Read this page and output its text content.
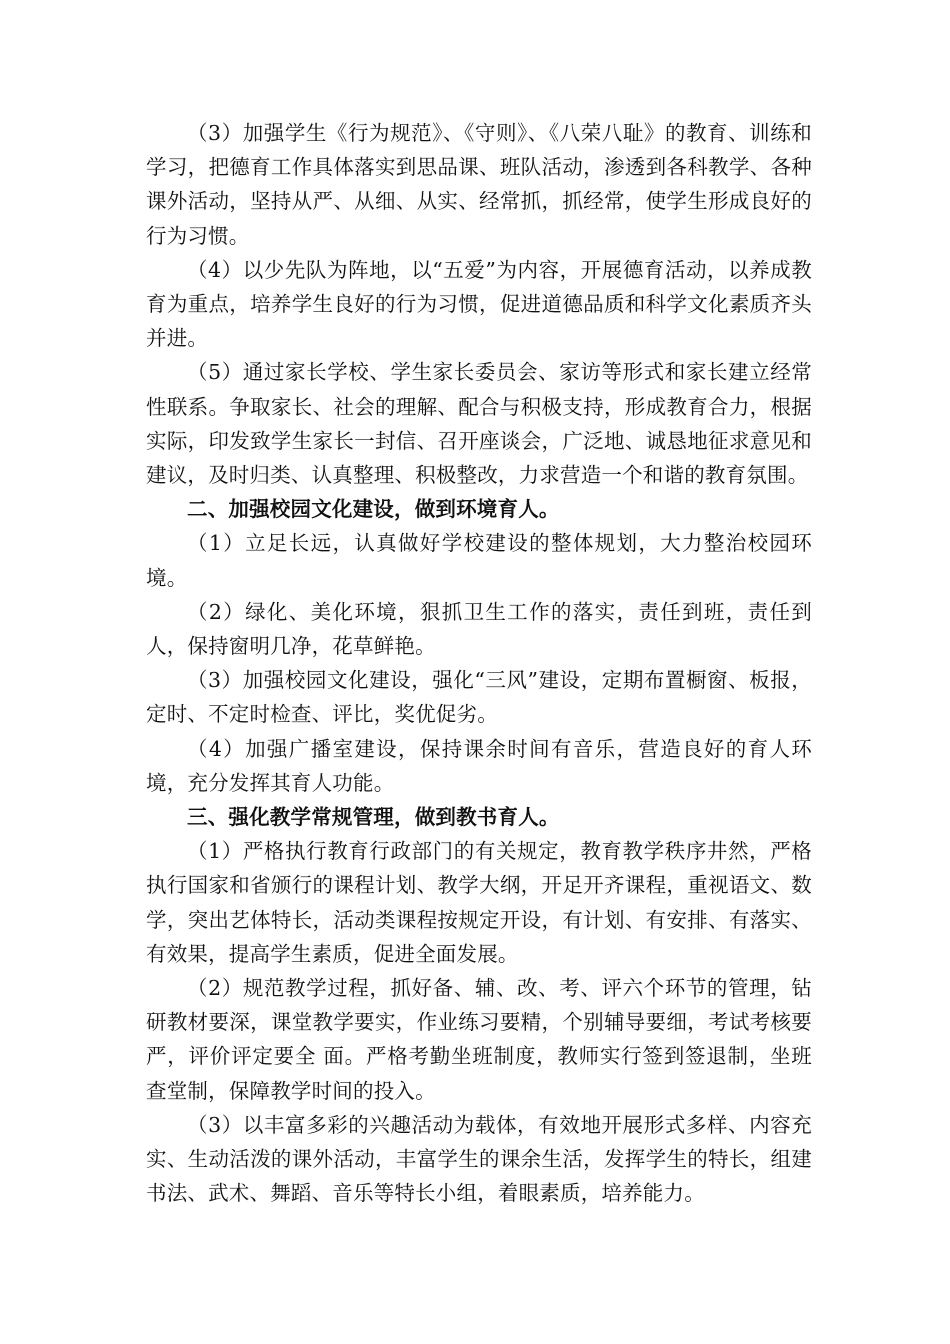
（3）加强学生《行为规范》、《守则》、《八荣八耻》的教育、训练和学习，把德育工作具体落实到思品课、班队活动，渗透到各科教学、各种课外活动，坚持从严、从细、从实、经常抓，抓经常，使学生形成良好的行为习惯。

（4）以少先队为阵地，以“五爱”为内容，开展德育活动，以养成教育为重点，培养学生良好的行为习惯，促进道德品质和科学文化素质齐头并进。

（5）通过家长学校、学生家长委员会、家访等形式和家长建立经常性联系。争取家长、社会的理解、配合与积极支持，形成教育合力，根据实际，印发致学生家长一封信、召开座谈会，广泛地、诚恳地征求意见和建议，及时归类、认真整理、积极整改，力求营造一个和谐的教育氛围。

二、加强校园文化建设，做到环境育人。

（1）立足长远，认真做好学校建设的整体规划，大力整治校园环境。

（2）绿化、美化环境，狠抓卫生工作的落实，责任到班，责任到人，保持窗明几净，花草鲜艳。

（3）加强校园文化建设，强化“三风”建设，定期布置橱窗、板报，定时、不定时检查、评比，奖优促劣。

（4）加强广播室建设，保持课余时间有音乐，营造良好的育人环境，充分发挥其育人功能。

三、强化教学常规管理，做到教书育人。

（1）严格执行教育行政部门的有关规定，教育教学秩序井然，严格执行国家和省颁行的课程计划、教学大纲，开足开齐课程，重视语文、数学，突出艺体特长，活动类课程按规定开设，有计划、有安排、有落实、有效果，提高学生素质，促进全面发展。

（2）规范教学过程，抓好备、辅、改、考、评六个环节的管理，钻研教材要深，课堂教学要实，作业练习要精，个别辅导要细，考试考核要严，评价评定要全 面。严格考勤坐班制度，教师实行签到签退制，坐班查堂制，保障教学时间的投入。

（3）以丰富多彩的兴趣活动为载体，有效地开展形式多样、内容充实、生动活泼的课外活动，丰富学生的课余生活，发挥学生的特长，组建书法、武术、舞蹈、音乐等特长小组，着眼素质，培养能力。
